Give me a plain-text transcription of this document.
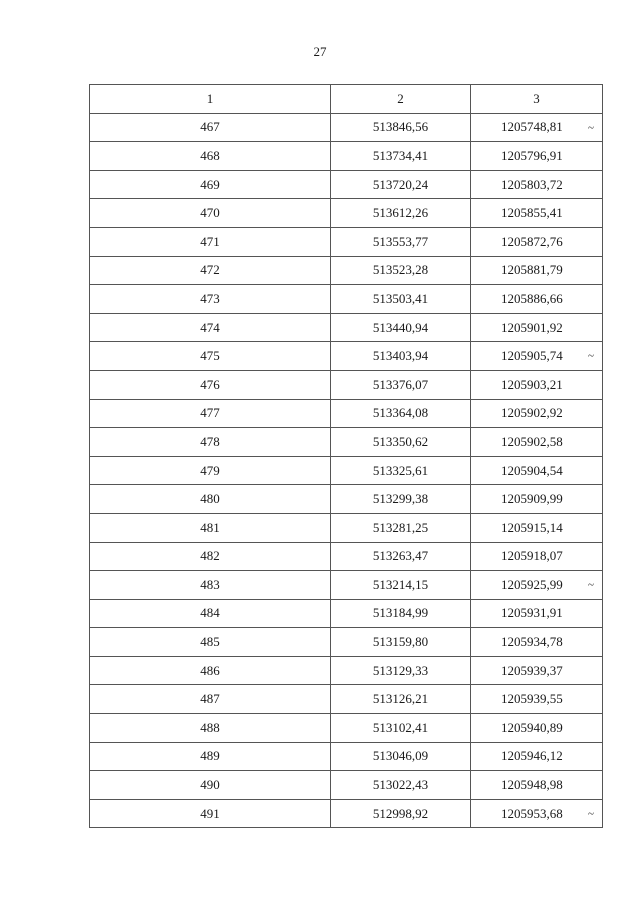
27
1	2	3
467	513846,56	1205748,81 ~

468	513734,41	1205796,91
469	513720,24	1205803,72
470	513612,26	1205855,41
471	513553,77	1205872,76
472	513523,28	1205881,79
473	513503,41	1205886,66
474	513440,94	1205901,92
475	513403,94	1205905,74 ~

476	513376,07	1205903,21
477	513364,08	1205902,92
478	513350,62	1205902,58
479	513325,61	1205904,54
480	513299,38	1205909,99
481	513281,25	1205915,14
482	513263,47	1205918,07
483	513214,15	1205925,99 ~

484	513184,99	1205931,91
485	513159,80	1205934,78
486	513129,33	1205939,37
487	513126,21	1205939,55
488	513102,41	1205940,89
489	513046,09	1205946,12
490	513022,43	1205948,98
491	512998,92	1205953,68 ~
